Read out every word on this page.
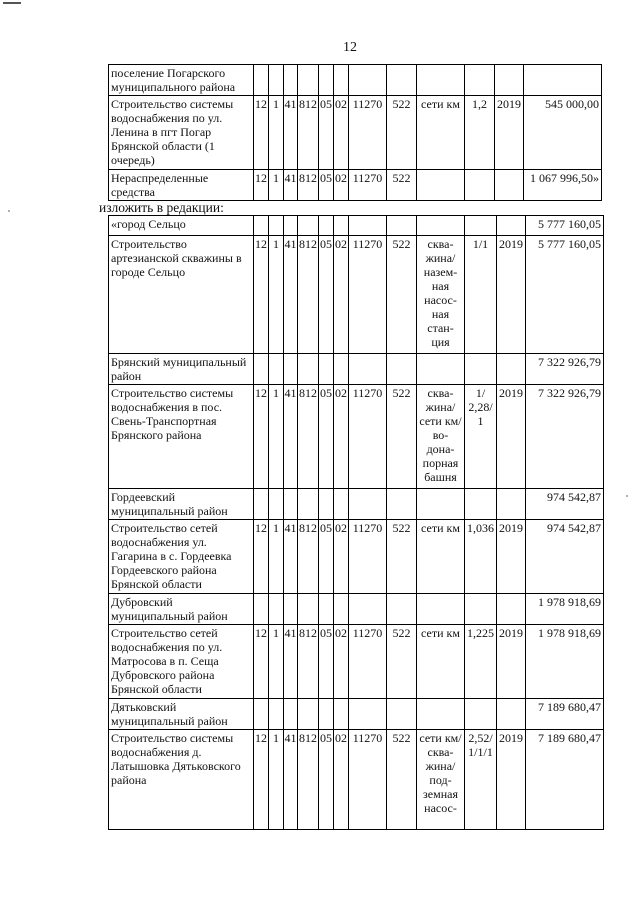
12
поселение Погарского муниципального района												
Строительство системы водоснабжения по ул. Ленина в пгт Погар Брянской области (1 очередь)	12	1	41	812	05	02	11270	522	сети км	1,2	2019	545 000,00
Нераспределенные средства	12	1	41	812	05	02	11270	522				1 067 996,50»
изложить в редакции:
«город Сельцо												5 777 160,05
Строительство артезианской скважины в городе Сельцо	12	1	41	812	05	02	11270	522	сква- жина/ назем- ная насос- ная стан- ция	1/1	2019	5 777 160,05
Брянский муниципальный район												7 322 926,79
Строительство системы водоснабжения в пос. Свень-Транспортная Брянского района	12	1	41	812	05	02	11270	522	сква- жина/ сети км/во- дона- порная башня	1/ 2,28/ 1	2019	7 322 926,79
Гордеевский муниципальный район												974 542,87
Строительство сетей водоснабжения ул. Гагарина в с. Гордеевка Гордеевского района Брянской области	12	1	41	812	05	02	11270	522	сети км	1,036	2019	974 542,87
Дубровский муниципальный район												1 978 918,69
Строительство сетей водоснабжения по ул. Матросова в п. Сеща Дубровского района Брянской области	12	1	41	812	05	02	11270	522	сети км	1,225	2019	1 978 918,69
Дятьковский муниципальный район												7 189 680,47
Строительство системы водоснабжения д. Латышовка Дятьковского района	12	1	41	812	05	02	11270	522	сети км/ сква- жина/ под- земная насос-	2,52/ 1/1/1	2019	7 189 680,47
